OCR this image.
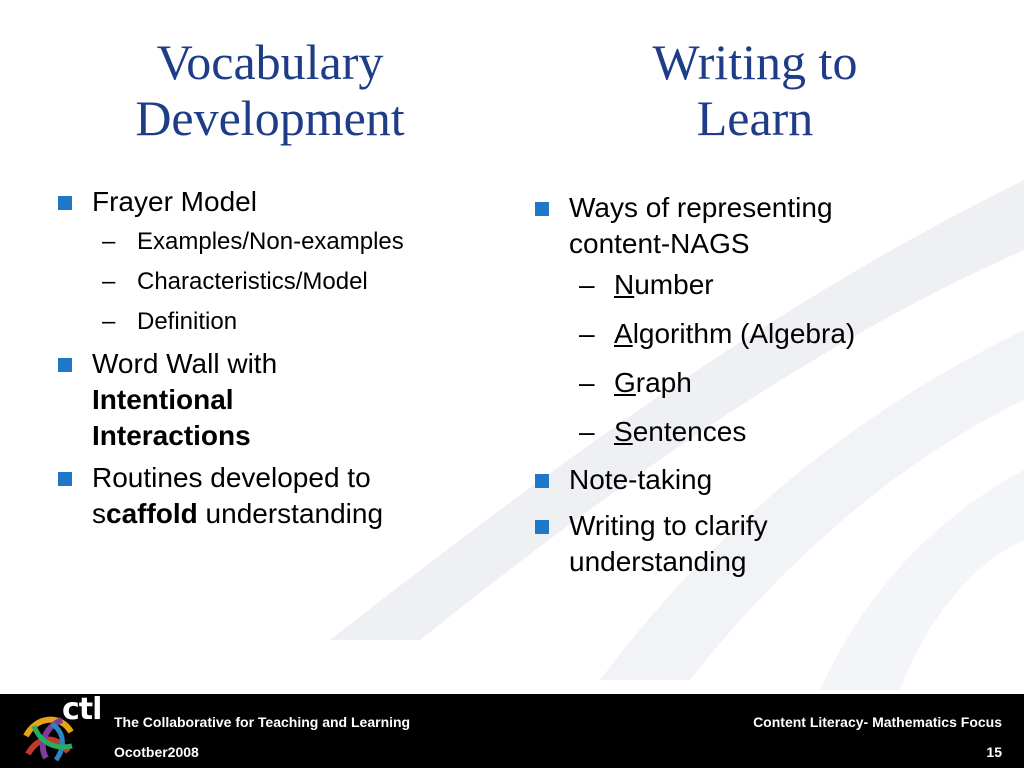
Vocabulary
Development
Writing to
Learn
Frayer Model
– Examples/Non-examples
– Characteristics/Model
– Definition
Word Wall with
Intentional
Interactions
Routines developed to
scaffold understanding
Ways of representing
content-NAGS
– Number
– Algorithm (Algebra)
– Graph
– Sentences
Note-taking
Writing to clarify
understanding
ctl The Collaborative for Teaching and Learning
Ocotber2008
Content Literacy- Mathematics Focus
15
